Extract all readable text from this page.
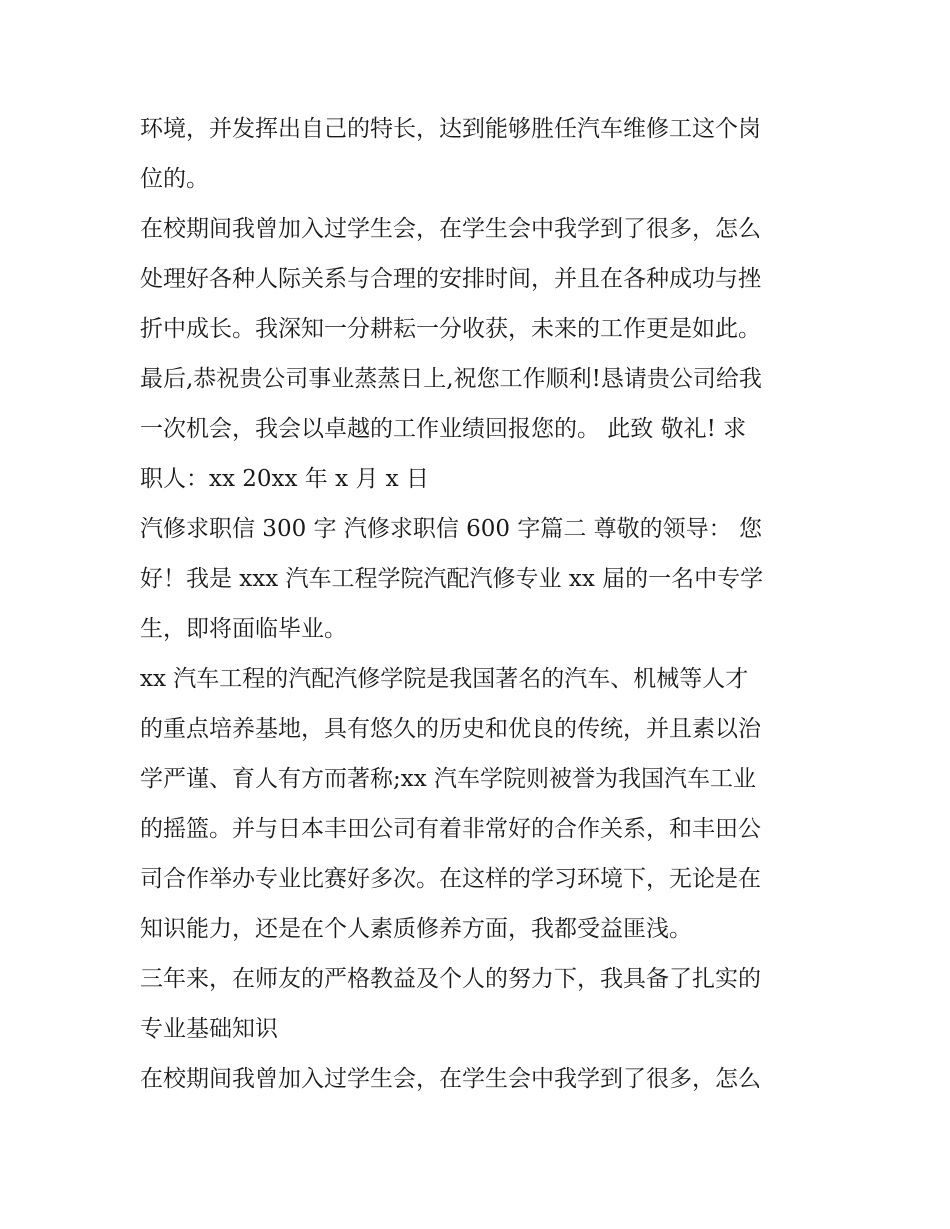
环境，并发挥出自己的特长，达到能够胜任汽车维修工这个岗
位的。
在校期间我曾加入过学生会，在学生会中我学到了很多，怎么
处理好各种人际关系与合理的安排时间，并且在各种成功与挫
折中成长。我深知一分耕耘一分收获，未来的工作更是如此。
最后,恭祝贵公司事业蒸蒸日上,祝您工作顺利!恳请贵公司给我
一次机会，我会以卓越的工作业绩回报您的。 此致 敬礼! 求
职人：xx 20xx 年 x 月 x 日
汽修求职信 300 字 汽修求职信 600 字篇二 尊敬的领导： 您
好！我是 xxx 汽车工程学院汽配汽修专业 xx 届的一名中专学
生，即将面临毕业。
xx 汽车工程的汽配汽修学院是我国著名的汽车、机械等人才
的重点培养基地，具有悠久的历史和优良的传统，并且素以治
学严谨、育人有方而著称;xx 汽车学院则被誉为我国汽车工业
的摇篮。并与日本丰田公司有着非常好的合作关系，和丰田公
司合作举办专业比赛好多次。在这样的学习环境下，无论是在
知识能力，还是在个人素质修养方面，我都受益匪浅。
三年来，在师友的严格教益及个人的努力下，我具备了扎实的
专业基础知识
在校期间我曾加入过学生会，在学生会中我学到了很多，怎么
